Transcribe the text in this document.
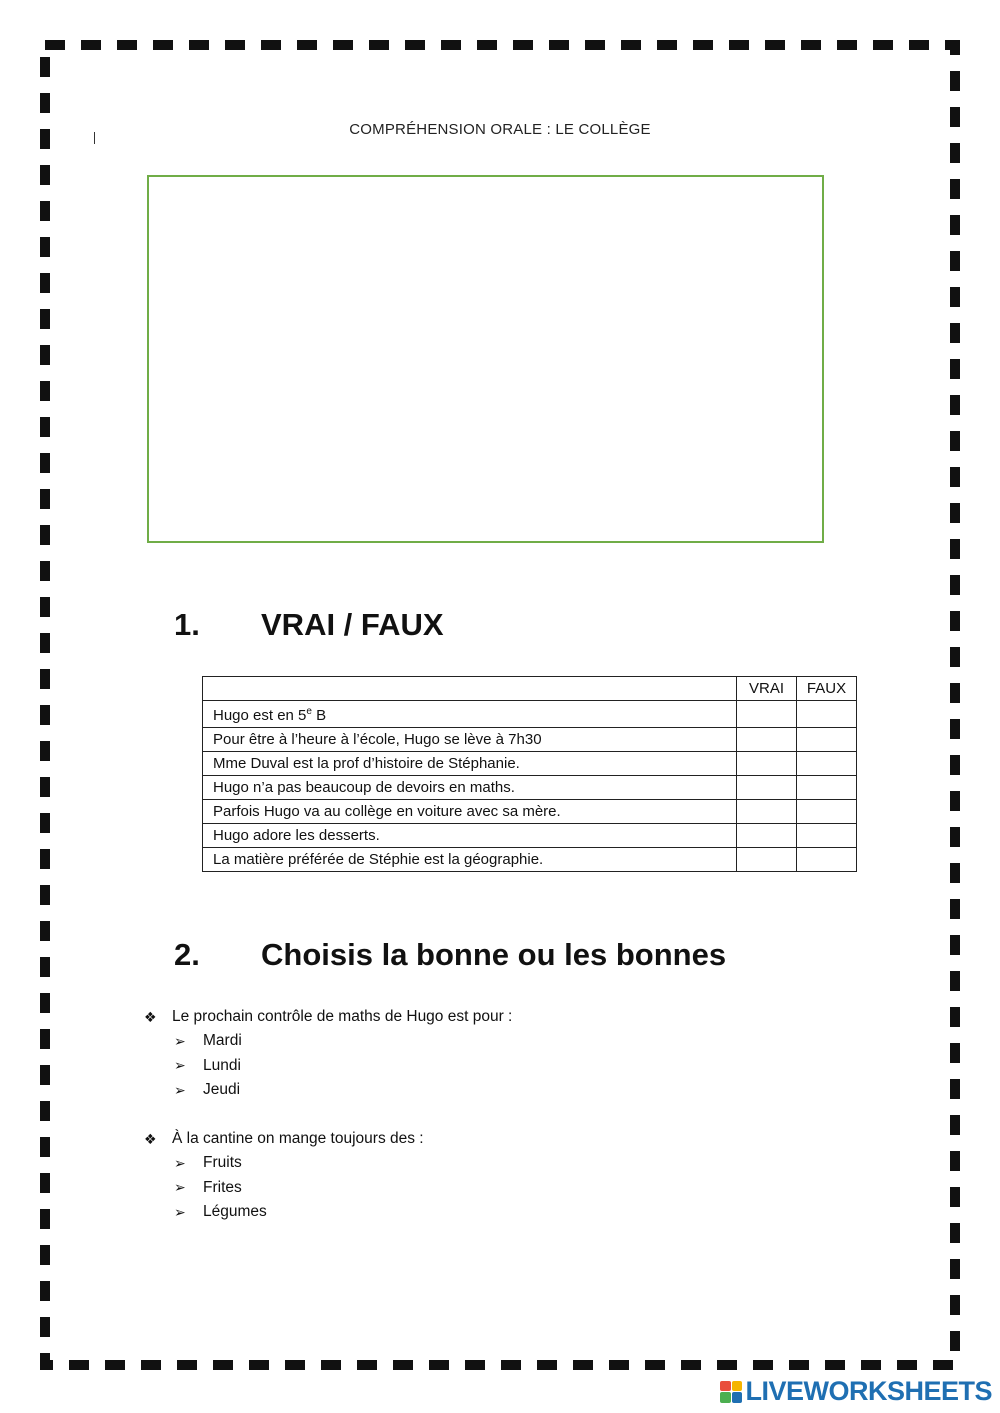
COMPRÉHENSION ORALE : LE COLLÈGE
1. VRAI / FAUX
	VRAI	FAUX
Hugo est en 5e B		
Pour être à l’heure à l’école, Hugo se lève à 7h30		
Mme Duval est la prof d’histoire de Stéphanie.		
Hugo n’a pas beaucoup de devoirs en maths.		
Parfois Hugo va au collège en voiture avec sa mère.		
Hugo adore les desserts.		
La matière préférée de Stéphie est la géographie.		
2. Choisis la bonne ou les bonnes
❖ Le prochain contrôle de maths de Hugo est pour :
➢	Mardi
➢	Lundi
➢	Jeudi
❖ À la cantine on mange toujours des :
➢	Fruits
➢	Frites
➢	Légumes
LIVEWORKSHEETS
